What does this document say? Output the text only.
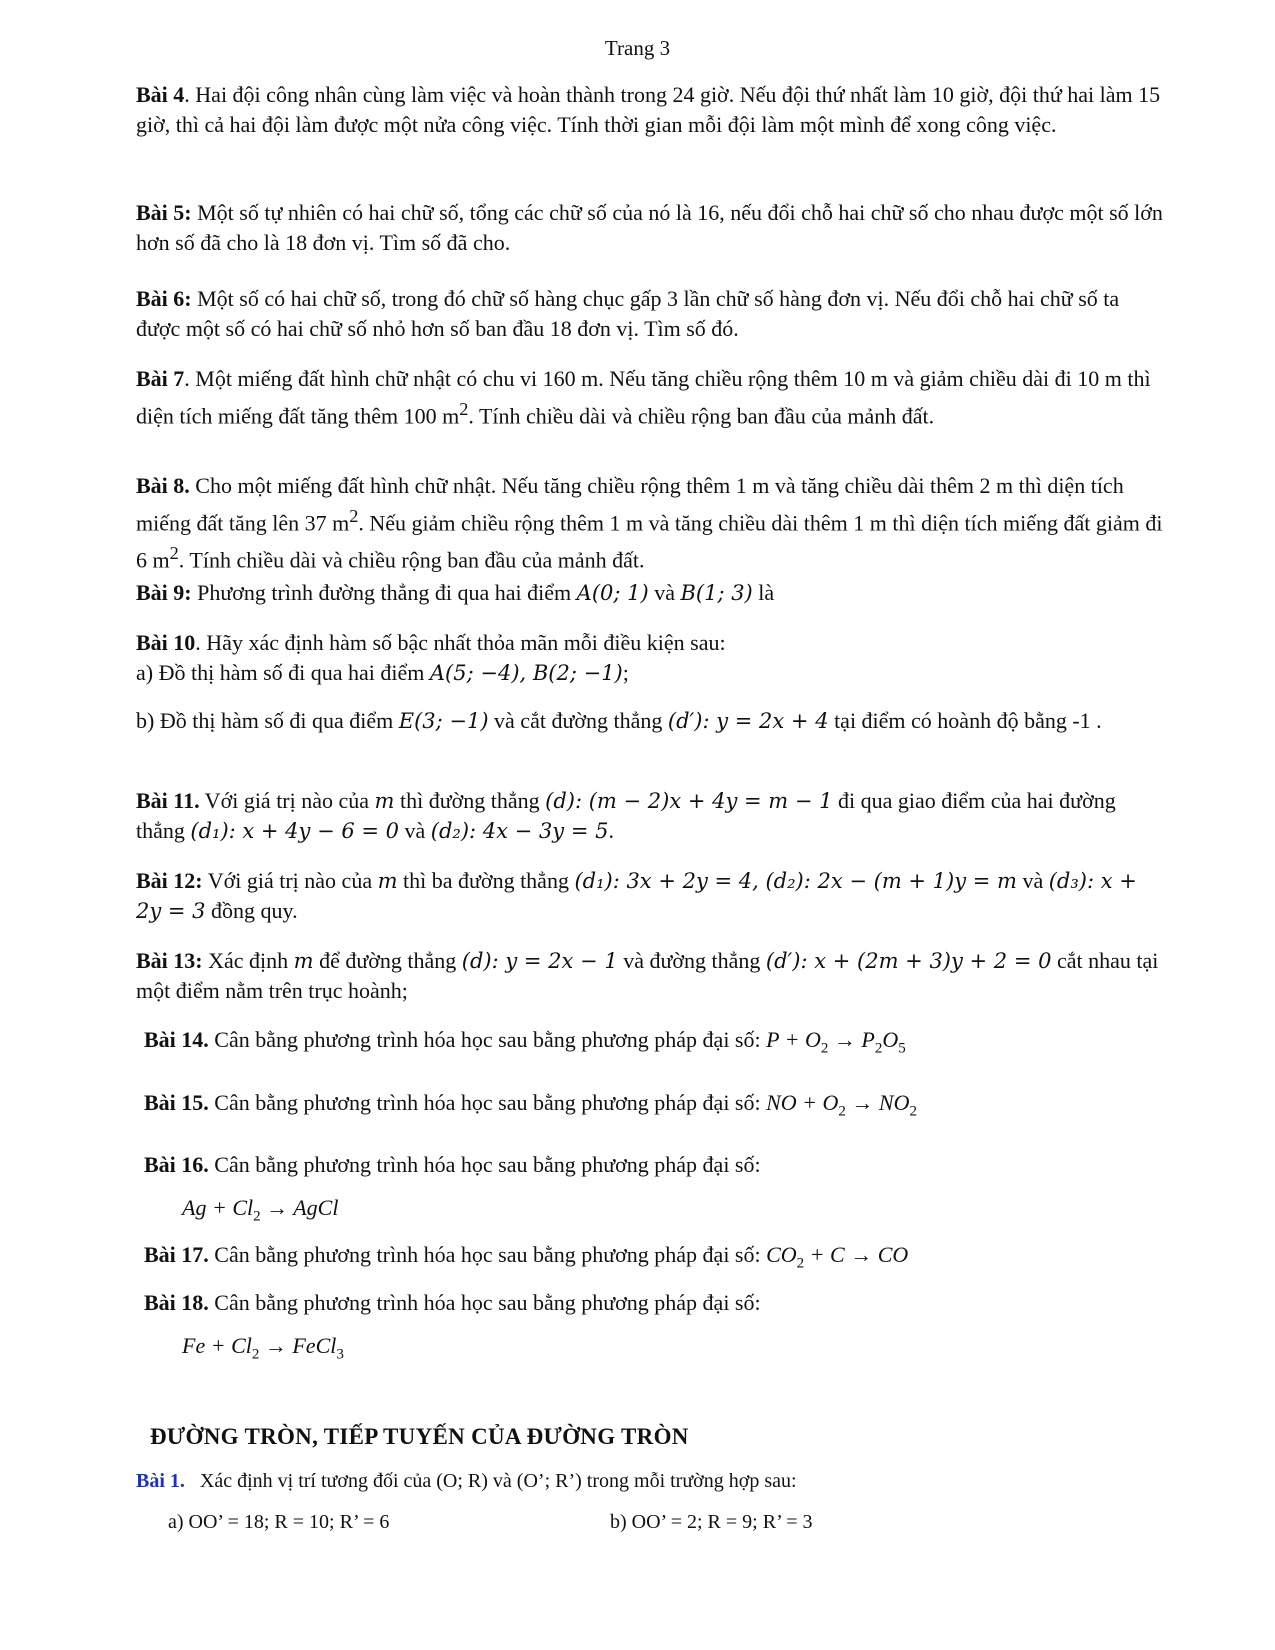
Trang 3

Bài 4. Hai đội công nhân cùng làm việc và hoàn thành trong 24 giờ. Nếu đội thứ nhất làm 10 giờ, đội thứ hai làm 15 giờ, thì cả hai đội làm được một nửa công việc. Tính thời gian mỗi đội làm một mình để xong công việc.

Bài 5: Một số tự nhiên có hai chữ số, tổng các chữ số của nó là 16, nếu đổi chỗ hai chữ số cho nhau được một số lớn hơn số đã cho là 18 đơn vị. Tìm số đã cho.

Bài 6: Một số có hai chữ số, trong đó chữ số hàng chục gấp 3 lần chữ số hàng đơn vị. Nếu đổi chỗ hai chữ số ta được một số có hai chữ số nhỏ hơn số ban đầu 18 đơn vị. Tìm số đó.

Bài 7. Một miếng đất hình chữ nhật có chu vi 160 m. Nếu tăng chiều rộng thêm 10 m và giảm chiều dài đi 10 m thì diện tích miếng đất tăng thêm 100 $m^2$. Tính chiều dài và chiều rộng ban đầu của mảnh đất.

Bài 8. Cho một miếng đất hình chữ nhật. Nếu tăng chiều rộng thêm 1 m và tăng chiều dài thêm 2 m thì diện tích miếng đất tăng lên 37 $m^2$. Nếu giảm chiều rộng thêm 1 m và tăng chiều dài thêm 1 m thì diện tích miếng đất giảm đi 6 $m^2$. Tính chiều dài và chiều rộng ban đầu của mảnh đất.

Bài 9: Phương trình đường thẳng đi qua hai điểm A(0; 1) và B(1; 3) là

Bài 10. Hãy xác định hàm số bậc nhất thỏa mãn mỗi điều kiện sau:

a) Đồ thị hàm số đi qua hai điểm A(5; −4), B(2; −1);

b) Đồ thị hàm số đi qua điểm E(3; −1) và cắt đường thẳng (d′): y = 2x + 4 tại điểm có hoành độ bằng -1 .

Bài 11. Với giá trị nào của m thì đường thẳng (d): (m − 2)x + 4y = m − 1 đi qua giao điểm của hai đường thẳng (d₁): x + 4y − 6 = 0 và (d₂): 4x − 3y = 5.

Bài 12: Với giá trị nào của m thì ba đường thẳng (d₁): 3x + 2y = 4, (d₂): 2x − (m + 1)y = m và (d₃): x + 2y = 3 đồng quy.

Bài 13: Xác định m để đường thẳng (d): y = 2x − 1 và đường thẳng (d′): x + (2m + 3)y + 2 = 0 cắt nhau tại một điểm nằm trên trục hoành;

Bài 14. Cân bằng phương trình hóa học sau bằng phương pháp đại số: $P + O_2 \to P_2O_5$

Bài 15. Cân bằng phương trình hóa học sau bằng phương pháp đại số: NO + $O_2 \to NO_2$

Bài 16. Cân bằng phương trình hóa học sau bằng phương pháp đại số:

$Ag + Cl_2$ → AgCl

Bài 17. Cân bằng phương trình hóa học sau bằng phương pháp đại số: $CO_2 + C$ → CO

Bài 18. Cân bằng phương trình hóa học sau bằng phương pháp đại số:

$Fe + Cl_2$ → FeCl$_3$
ĐƯỜNG TRÒN, TIẾP TUYẾN CỦA ĐƯỜNG TRÒN

Bài 1. Xác định vị trí tương đối của (O; R) và (O’; R’) trong mỗi trường hợp sau:

a) OO’ = 18; R = 10; R’ = 6	b) OO’ = 2; R = 9; R’ = 3
